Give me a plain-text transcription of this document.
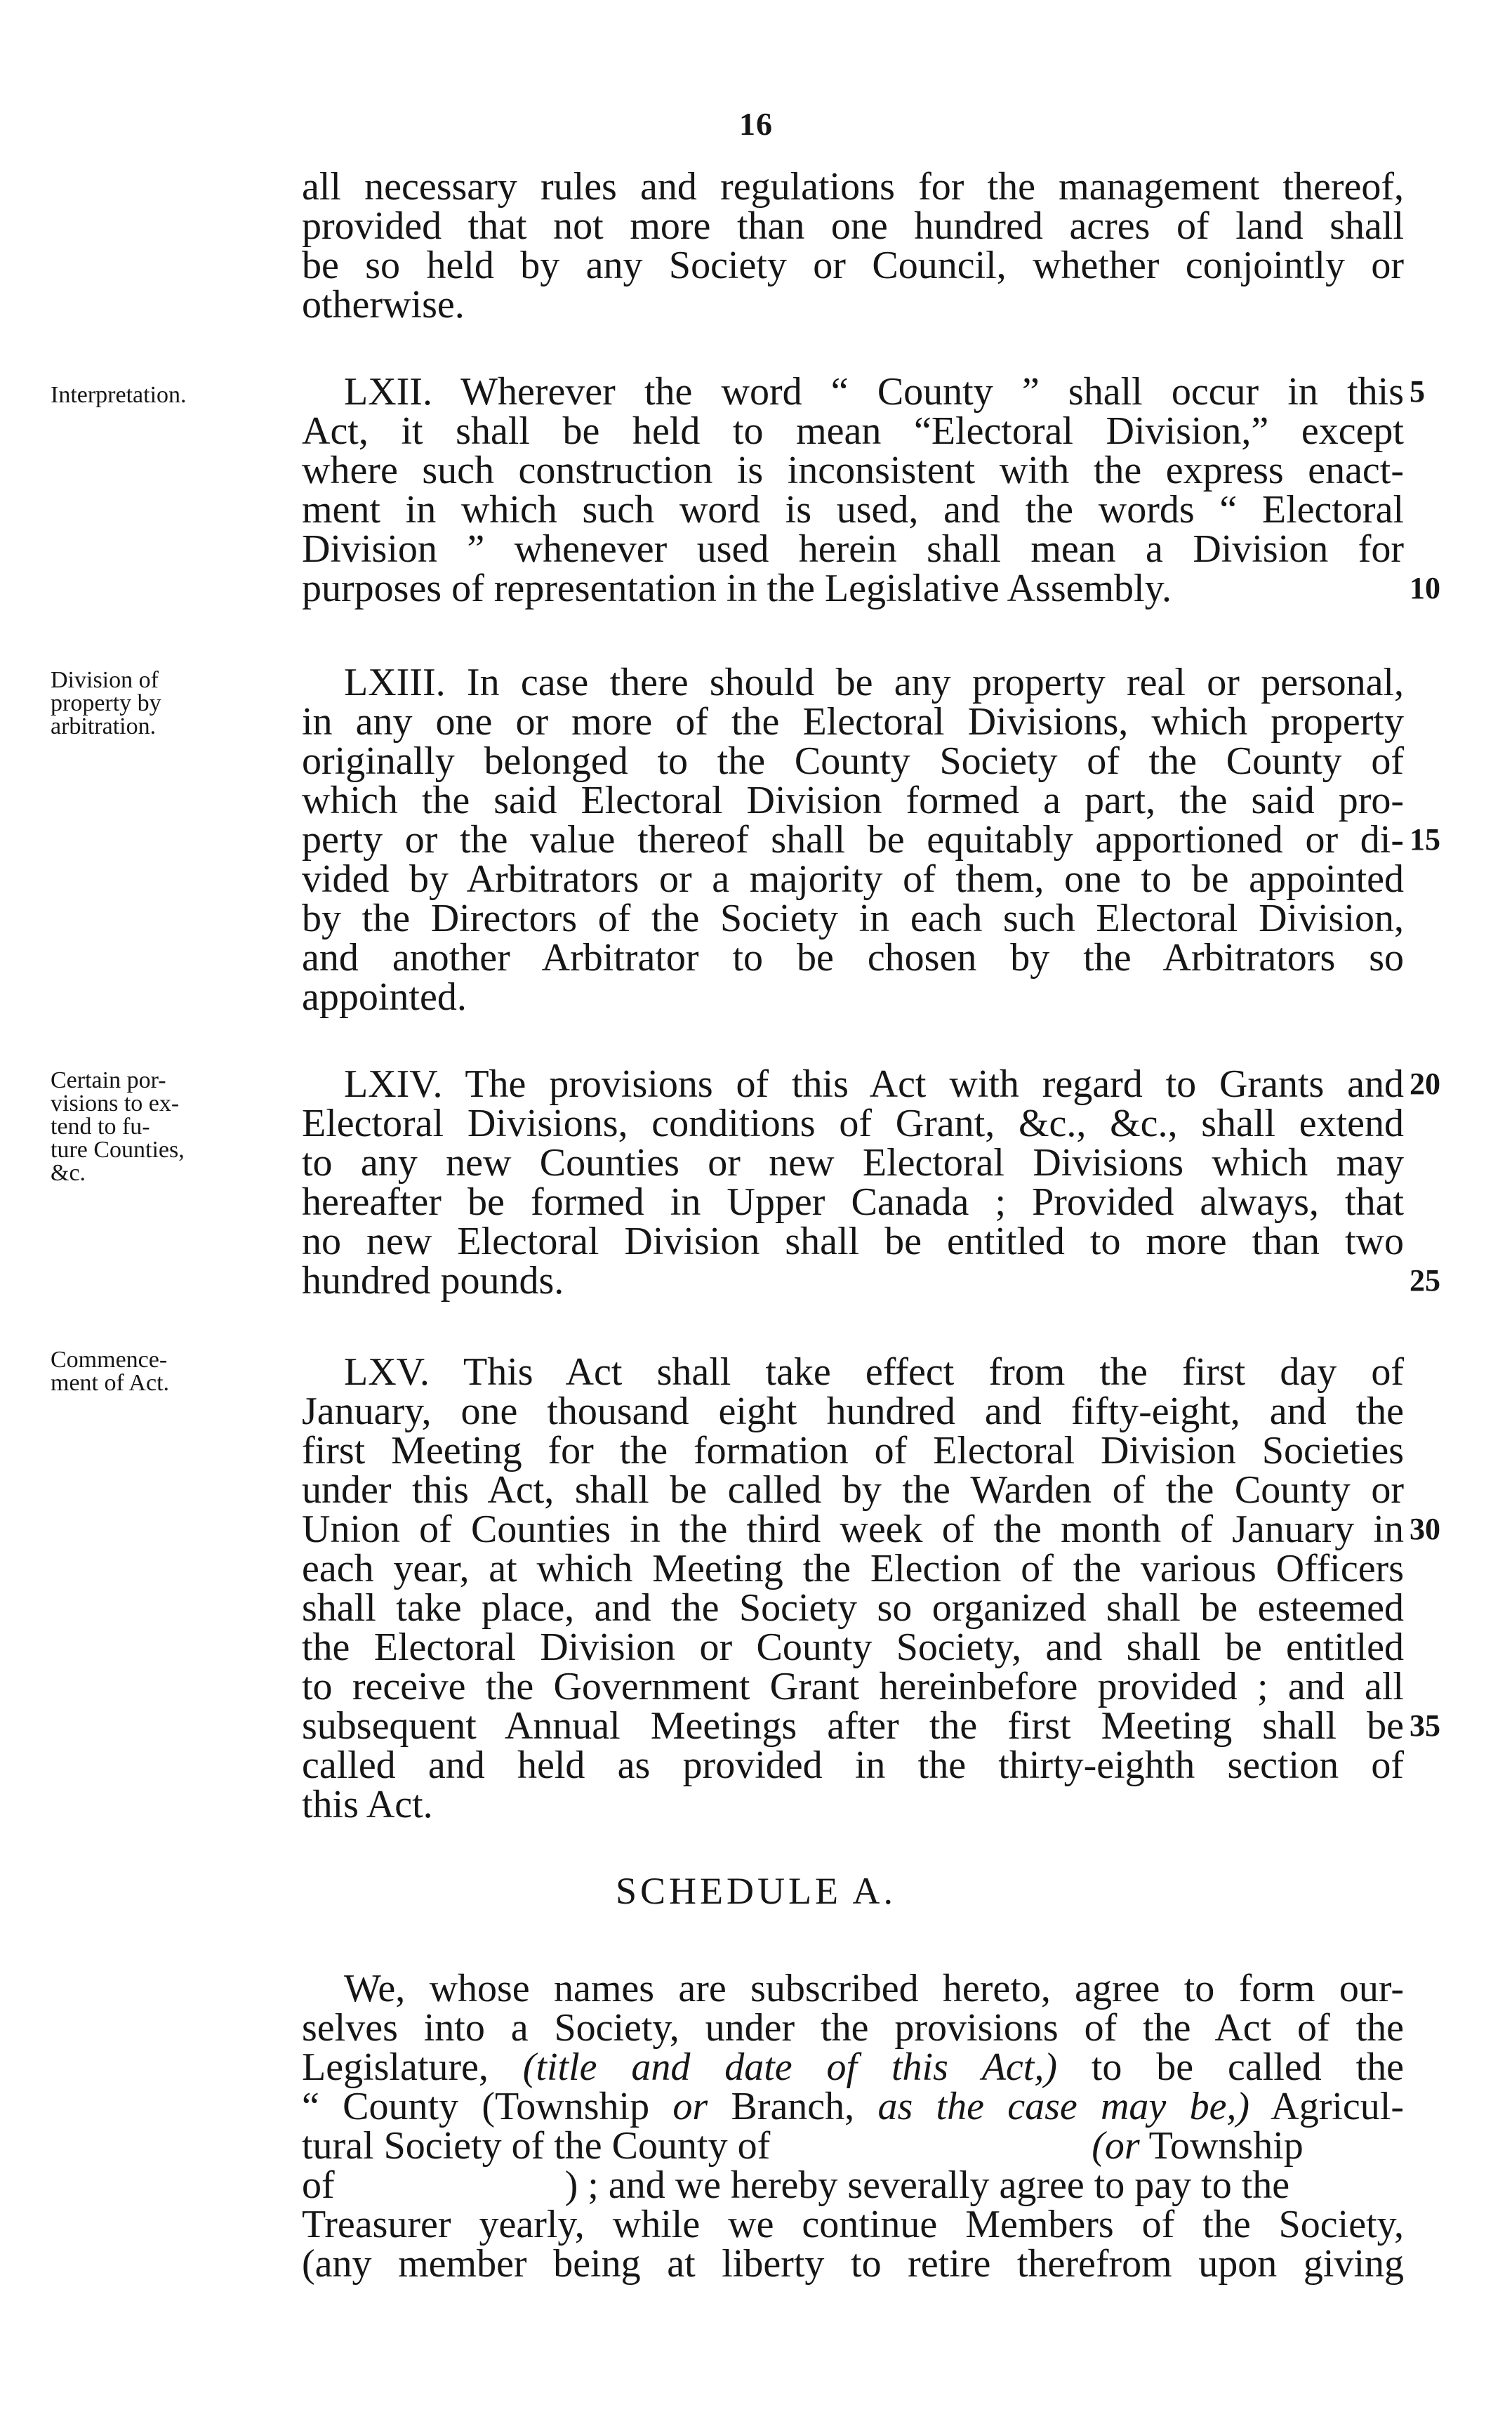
16
all necessary rules and regulations for the management thereof,
provided that not more than one hundred acres of land shall
be so held by any Society or Council, whether conjointly or
otherwise.
Interpretation.	LXII. Wherever the word “ County ” shall occur in this
Act, it shall be held to mean “Electoral Division,” except
where such construction is inconsistent with the express enact-
ment in which such word is used, and the words “ Electoral
Division ” whenever used herein shall mean a Division for
purposes of representation in the Legislative Assembly.
5
10
Division of
property by
arbitration.
LXIII. In case there should be any property real or personal,
in any one or more of the Electoral Divisions, which property
originally belonged to the County Society of the County of
which the said Electoral Division formed a part, the said pro-
perty or the value thereof shall be equitably apportioned or di-
vided by Arbitrators or a majority of them, one to be appointed
by the Directors of the Society in each such Electoral Division,
and another Arbitrator to be chosen by the Arbitrators so
appointed.
15
Certain por-
visions to ex-
tend to fu-
ture Counties,
&c.
LXIV. The provisions of this Act with regard to Grants and
Electoral Divisions, conditions of Grant, &c., &c., shall extend
to any new Counties or new Electoral Divisions which may
hereafter be formed in Upper Canada ; Provided always, that
no new Electoral Division shall be entitled to more than two
hundred pounds.
20
25
Commence-
ment of Act.	LXV. This Act shall take effect from the first day of
January, one thousand eight hundred and fifty-eight, and the
first Meeting for the formation of Electoral Division Societies
under this Act, shall be called by the Warden of the County or
Union of Counties in the third week of the month of January in
each year, at which Meeting the Election of the various Officers
shall take place, and the Society so organized shall be esteemed
the Electoral Division or County Society, and shall be entitled
to receive the Government Grant hereinbefore provided ; and all
subsequent Annual Meetings after the first Meeting shall be
called and held as provided in the thirty-eighth section of
this Act.
30
35
SCHEDULE A.
We, whose names are subscribed hereto, agree to form our-
selves into a Society, under the provisions of the Act of the
Legislature, (title and date of this Act,) to be called the
“ County (Township or Branch, as the case may be,) Agricul-
tural Society of the County of	(or Township
of	) ; and we hereby severally agree to pay to the
Treasurer yearly, while we continue Members of the Society,
(any member being at liberty to retire therefrom upon giving
